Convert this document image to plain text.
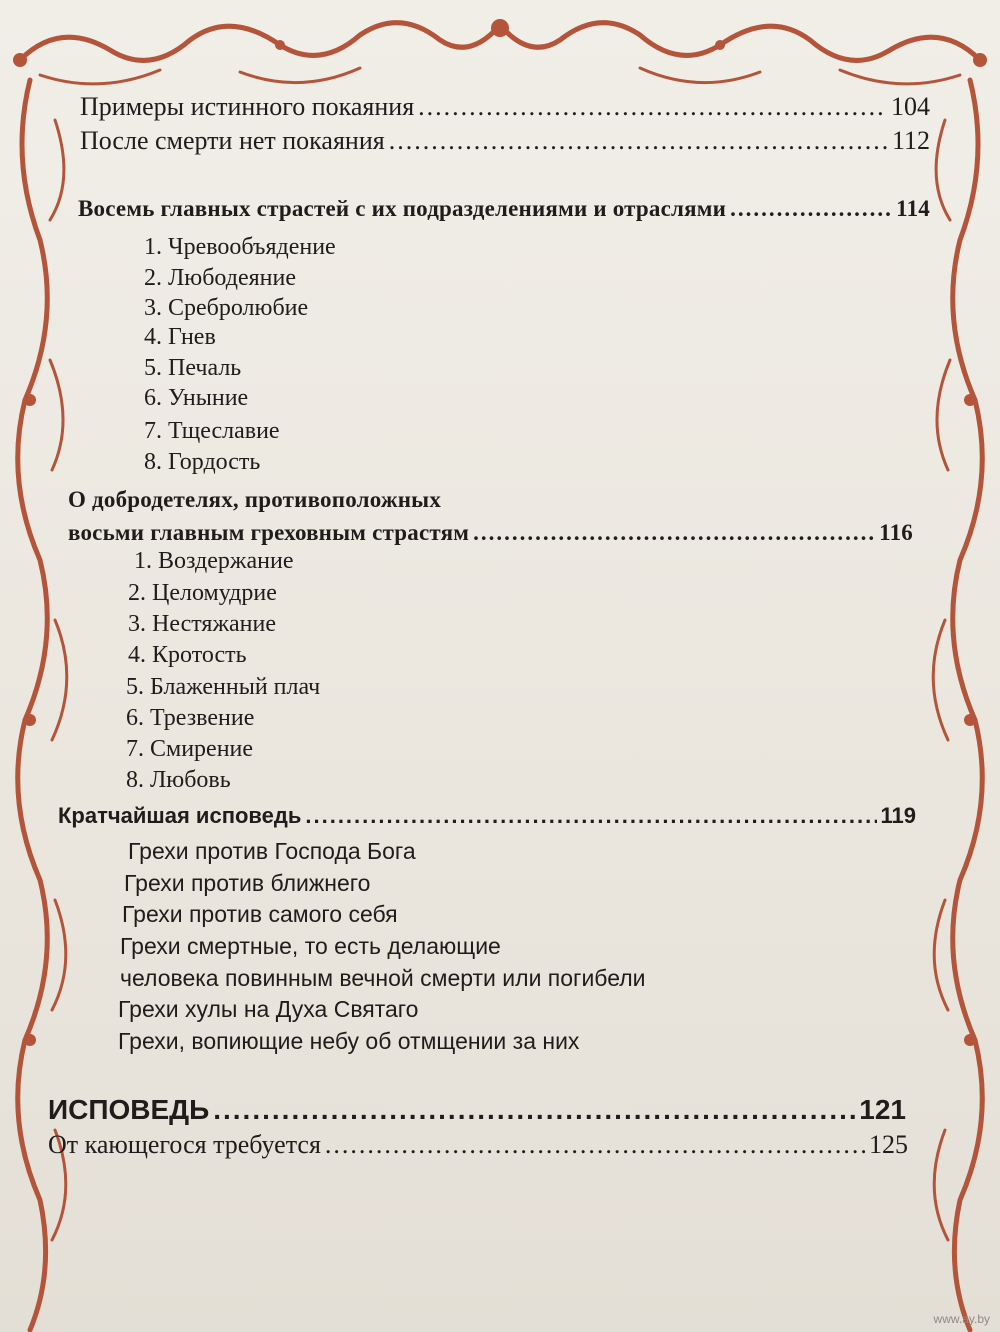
Примеры истинного покаяния .....	104
После смерти нет покаяния .....	112
Восемь главных страстей с их подразделениями и отраслями .....	114
1. Чревообъядение
2. Любодеяние
3. Сребролюбие
4. Гнев
5. Печаль
6. Уныние
7. Тщеславие
8. Гордость
О добродетелях, противоположных
восьми главным греховным страстям .....	116
1. Воздержание
2. Целомудрие
3. Нестяжание
4. Кротость
5. Блаженный плач
6. Трезвение
7. Смирение
8. Любовь
Кратчайшая исповедь .....	119
Грехи против Господа Бога
Грехи против ближнего
Грехи против самого себя
Грехи смертные, то есть делающие
человека повинным вечной смерти или погибели
Грехи хулы на Духа Святаго
Грехи, вопиющие небу об отмщении за них
ИСПОВЕДЬ .....	121
От кающегося требуется .....	125
www.ay.by
